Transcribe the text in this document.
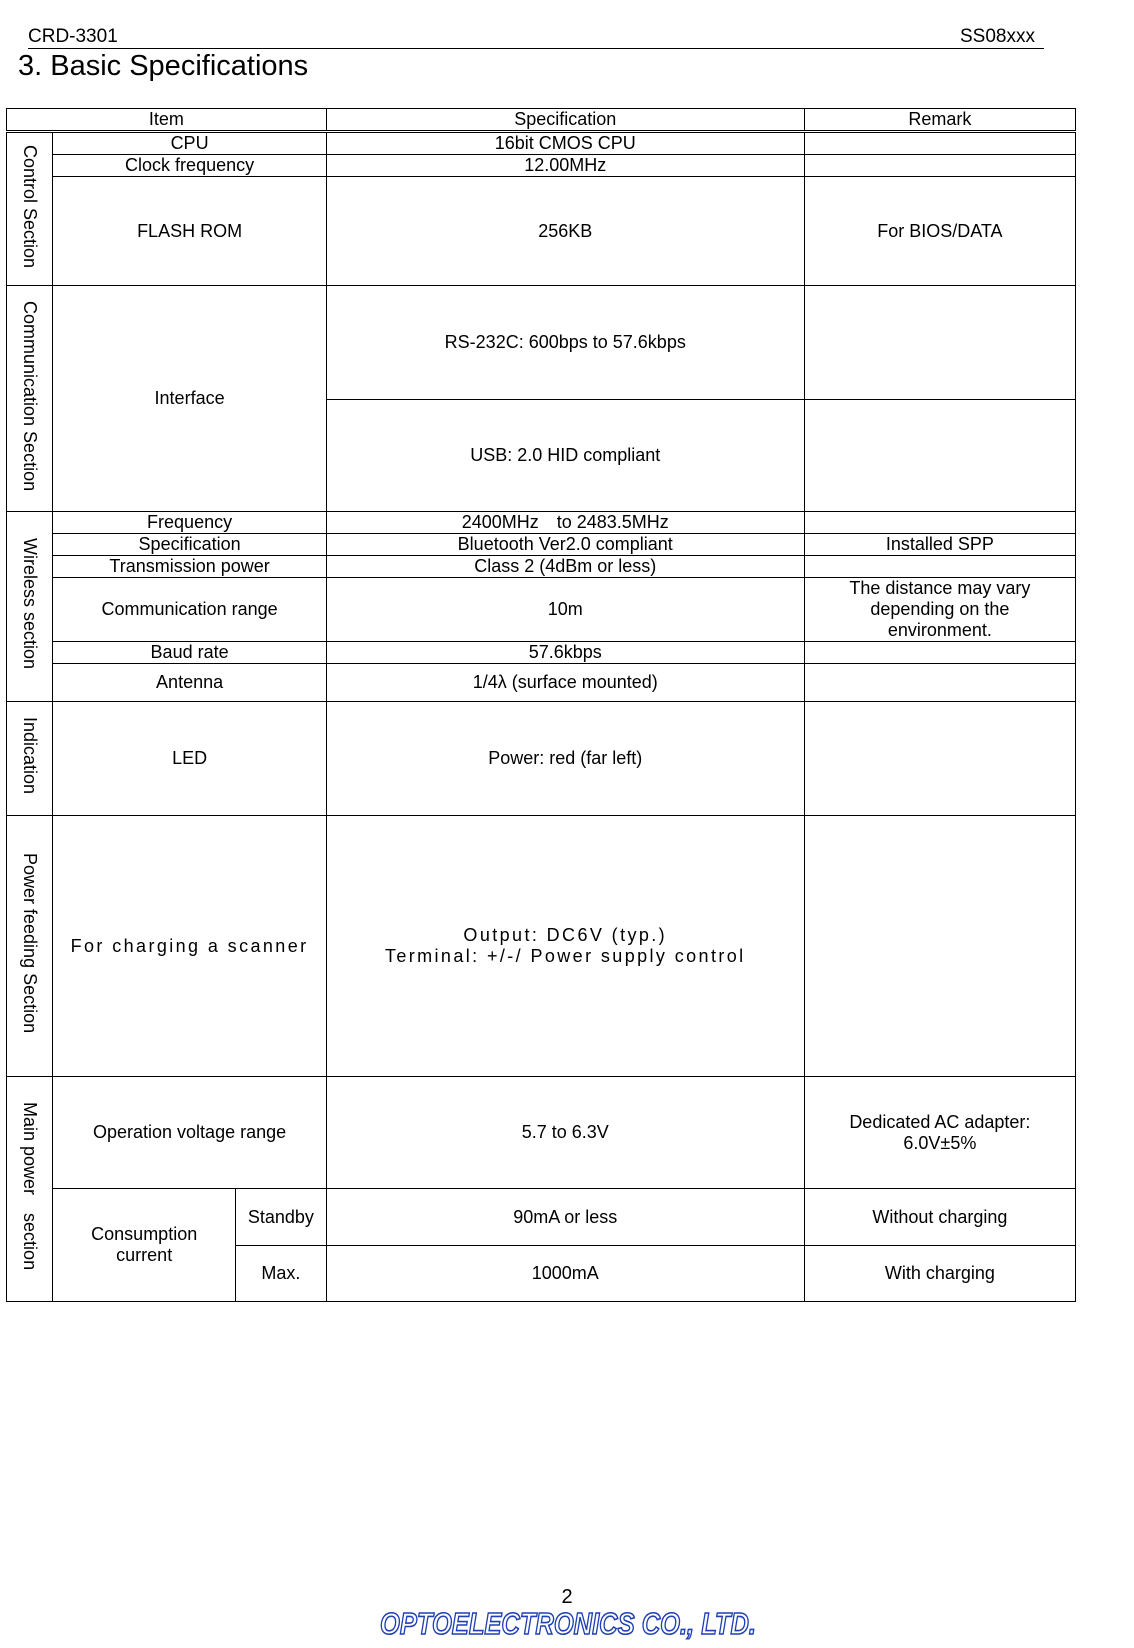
CRD-3301	SS08xxx
3. Basic Specifications
Item			Specification	Remark
Control Section	CPU		16bit CMOS CPU	
	Clock frequency		12.00MHz	
	FLASH ROM		256KB	For BIOS/DATA
Communication Section	Interface		RS-232C: 600bps to 57.6kbps	
			USB: 2.0 HID compliant	
Wireless section	Frequency		2400MHz　to 2483.5MHz	
	Specification		Bluetooth Ver2.0 compliant	Installed SPP
	Transmission power		Class 2 (4dBm or less)	
	Communication range		10m	The distance may vary depending on the environment.
	Baud rate		57.6kbps	
	Antenna		1/4λ (surface mounted)	
Indication	LED		Power: red (far left)	
Power feeding Section	For charging a scanner		Output: DC6V (typ.)
Terminal: +/-/ Power supply control	

Main power　section	Operation voltage range		5.7 to 6.3V	Dedicated AC adapter:
6.0V±5%

	Consumption current	Standby	90mA or less	Without charging
		Max.	1000mA	With charging
2
OPTOELECTRONICS CO., LTD.
